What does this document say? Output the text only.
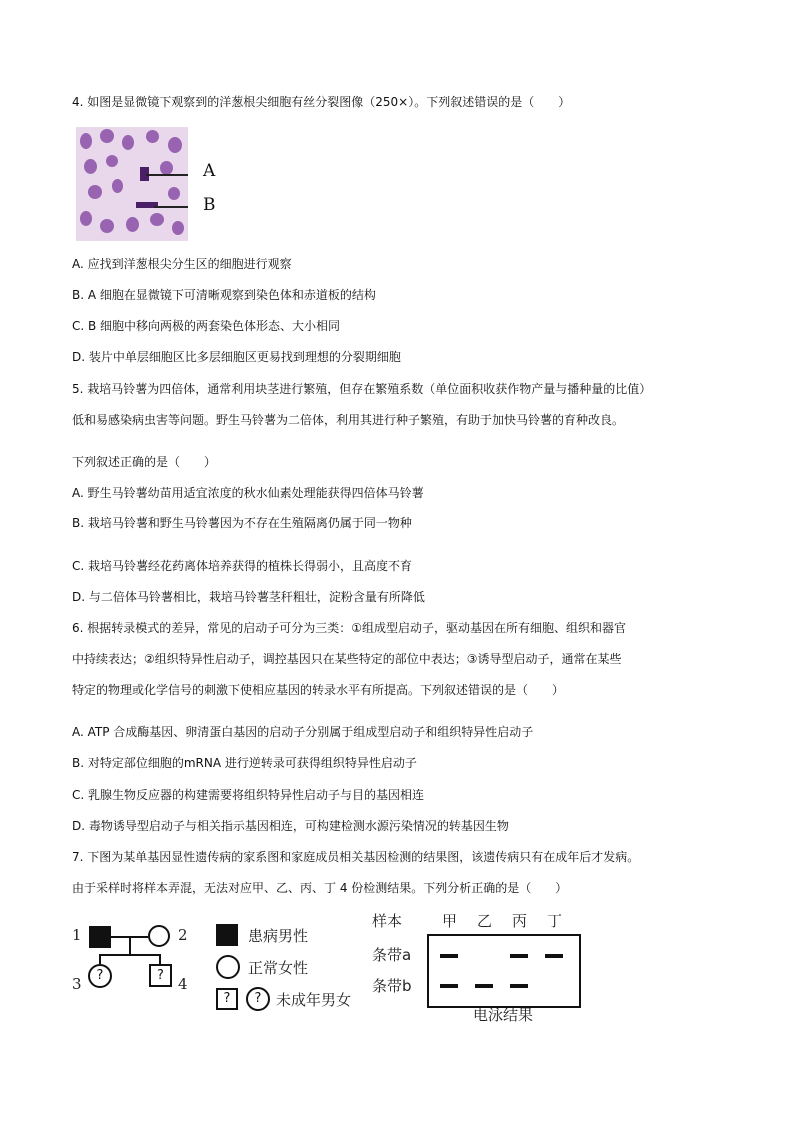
4. 如图是显微镜下观察到的洋葱根尖细胞有丝分裂图像（250×）。下列叙述错误的是（　　）
A
B
A. 应找到洋葱根尖分生区的细胞进行观察
B. A 细胞在显微镜下可清晰观察到染色体和赤道板的结构
C. B 细胞中移向两极的两套染色体形态、大小相同
D. 装片中单层细胞区比多层细胞区更易找到理想的分裂期细胞
5. 栽培马铃薯为四倍体，通常利用块茎进行繁殖，但存在繁殖系数（单位面积收获作物产量与播种量的比值）
低和易感染病虫害等问题。野生马铃薯为二倍体，利用其进行种子繁殖，有助于加快马铃薯的育种改良。
下列叙述正确的是（　　）
A. 野生马铃薯幼苗用适宜浓度的秋水仙素处理能获得四倍体马铃薯
B. 栽培马铃薯和野生马铃薯因为不存在生殖隔离仍属于同一物种
C. 栽培马铃薯经花药离体培养获得的植株长得弱小，且高度不育
D. 与二倍体马铃薯相比，栽培马铃薯茎秆粗壮，淀粉含量有所降低
6. 根据转录模式的差异，常见的启动子可分为三类：①组成型启动子，驱动基因在所有细胞、组织和器官
中持续表达；②组织特异性启动子，调控基因只在某些特定的部位中表达；③诱导型启动子，通常在某些
特定的物理或化学信号的刺激下使相应基因的转录水平有所提高。下列叙述错误的是（　　）
A. ATP 合成酶基因、卵清蛋白基因的启动子分别属于组成型启动子和组织特异性启动子
B. 对特定部位细胞的mRNA 进行逆转录可获得组织特异性启动子
C. 乳腺生物反应器的构建需要将组织特异性启动子与目的基因相连
D. 毒物诱导型启动子与相关指示基因相连，可构建检测水源污染情况的转基因生物
7. 下图为某单基因显性遗传病的家系图和家庭成员相关基因检测的结果图，该遗传病只有在成年后才发病。
由于采样时将样本弄混，无法对应甲、乙、丙、丁 4 份检测结果。下列分析正确的是（　　）
1	2
3	?	? 4
患病男性
正常女性
?	? 未成年男女
样本	甲 乙 丙 丁
条带a
条带b
电泳结果
